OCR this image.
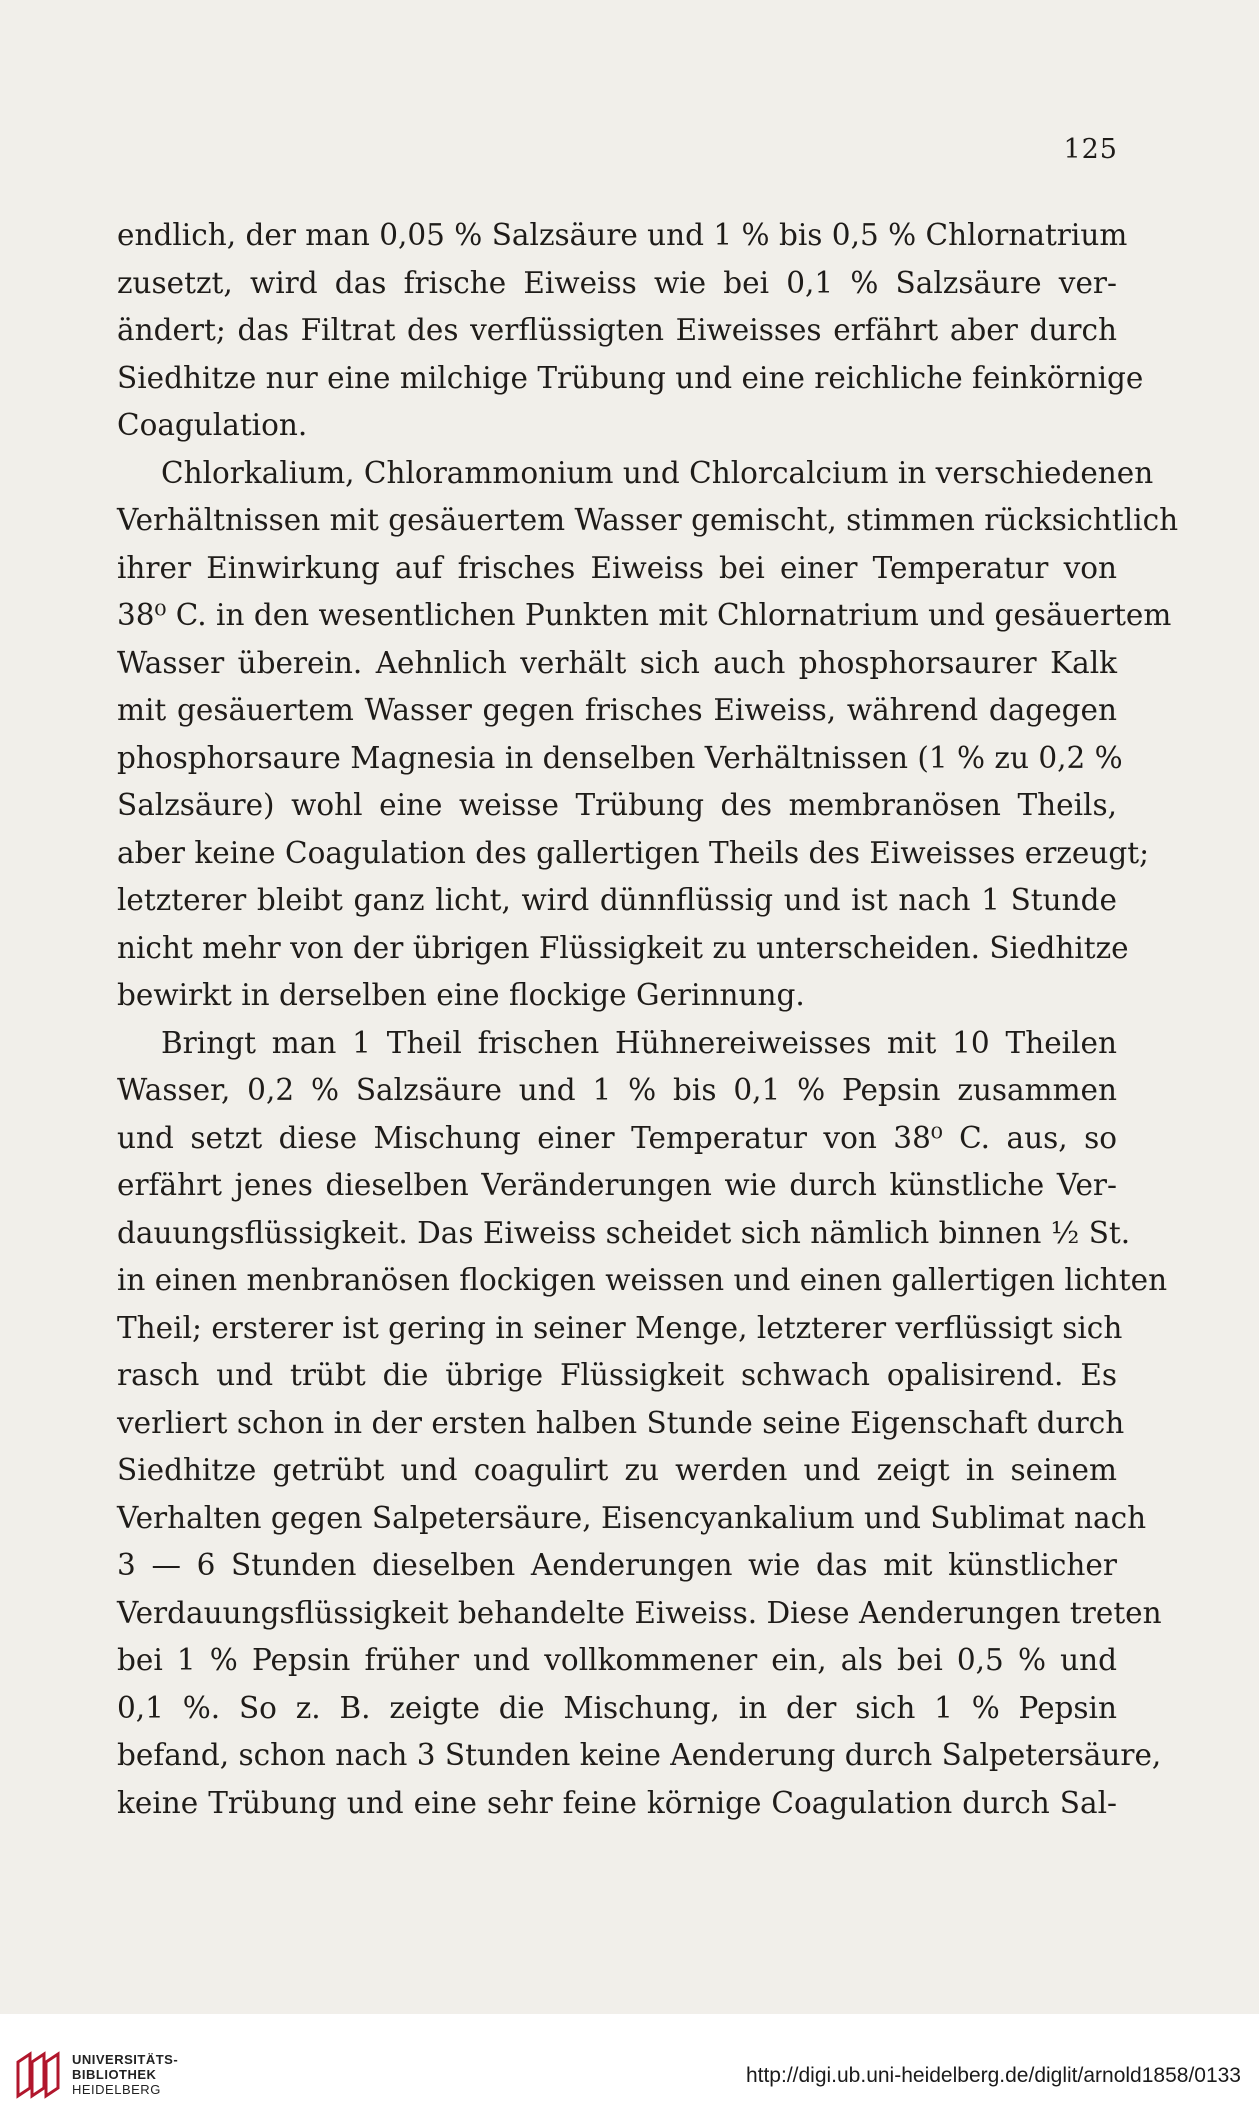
125
endlich, der man 0,05 % Salzsäure und 1 % bis 0,5 % Chlornatrium
zusetzt, wird das frische Eiweiss wie bei 0,1 % Salzsäure ver-
ändert; das Filtrat des verflüssigten Eiweisses erfährt aber durch
Siedhitze nur eine milchige Trübung und eine reichliche feinkörnige
Coagulation.
Chlorkalium, Chlorammonium und Chlorcalcium in verschiedenen
Verhältnissen mit gesäuertem Wasser gemischt, stimmen rücksichtlich
ihrer Einwirkung auf frisches Eiweiss bei einer Temperatur von
38⁰ C. in den wesentlichen Punkten mit Chlornatrium und gesäuertem
Wasser überein. Aehnlich verhält sich auch phosphorsaurer Kalk
mit gesäuertem Wasser gegen frisches Eiweiss, während dagegen
phosphorsaure Magnesia in denselben Verhältnissen (1 % zu 0,2 %
Salzsäure) wohl eine weisse Trübung des membranösen Theils,
aber keine Coagulation des gallertigen Theils des Eiweisses erzeugt;
letzterer bleibt ganz licht, wird dünnflüssig und ist nach 1 Stunde
nicht mehr von der übrigen Flüssigkeit zu unterscheiden. Siedhitze
bewirkt in derselben eine flockige Gerinnung.
Bringt man 1 Theil frischen Hühnereiweisses mit 10 Theilen
Wasser, 0,2 % Salzsäure und 1 % bis 0,1 % Pepsin zusammen
und setzt diese Mischung einer Temperatur von 38⁰ C. aus, so
erfährt jenes dieselben Veränderungen wie durch künstliche Ver-
dauungsflüssigkeit. Das Eiweiss scheidet sich nämlich binnen ½ St.
in einen menbranösen flockigen weissen und einen gallertigen lichten
Theil; ersterer ist gering in seiner Menge, letzterer verflüssigt sich
rasch und trübt die übrige Flüssigkeit schwach opalisirend. Es
verliert schon in der ersten halben Stunde seine Eigenschaft durch
Siedhitze getrübt und coagulirt zu werden und zeigt in seinem
Verhalten gegen Salpetersäure, Eisencyankalium und Sublimat nach
3 — 6 Stunden dieselben Aenderungen wie das mit künstlicher
Verdauungsflüssigkeit behandelte Eiweiss. Diese Aenderungen treten
bei 1 % Pepsin früher und vollkommener ein, als bei 0,5 % und
0,1 %. So z. B. zeigte die Mischung, in der sich 1 % Pepsin
befand, schon nach 3 Stunden keine Aenderung durch Salpetersäure,
keine Trübung und eine sehr feine körnige Coagulation durch Sal-
UNIVERSITÄTS-
BIBLIOTHEK
HEIDELBERG
http://digi.ub.uni-heidelberg.de/diglit/arnold1858/0133
